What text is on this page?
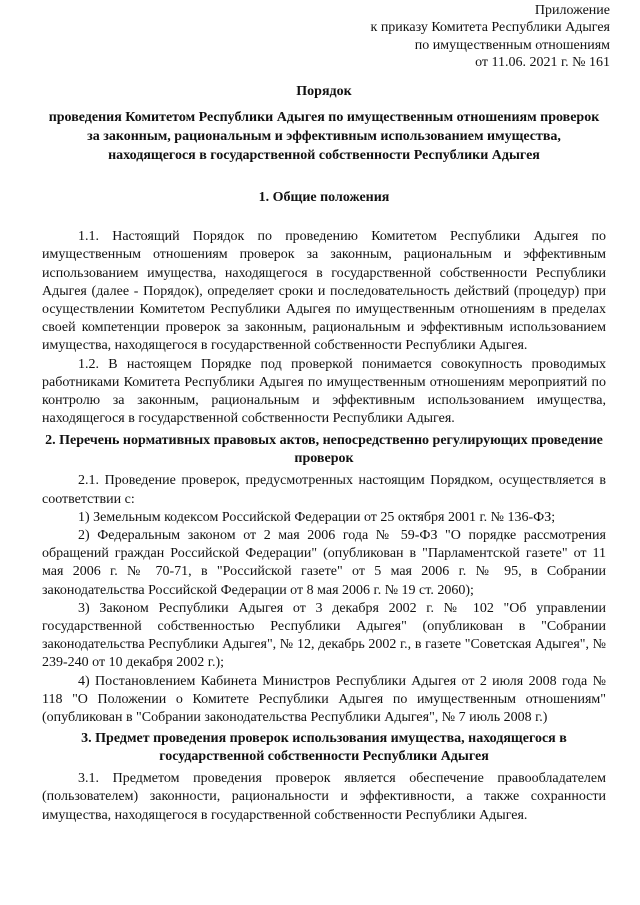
Приложение
к приказу Комитета Республики Адыгея
по имущественным отношениям
от 11.06. 2021 г. № 161
Порядок
проведения Комитетом Республики Адыгея по имущественным отношениям проверок за законным, рациональным и эффективным использованием имущества, находящегося в государственной собственности Республики Адыгея
1. Общие положения

1.1. Настоящий Порядок по проведению Комитетом Республики Адыгея по имущественным отношениям проверок за законным, рациональным и эффективным использованием имущества, находящегося в государственной собственности Республики Адыгея (далее - Порядок), определяет сроки и последовательность действий (процедур) при осуществлении Комитетом Республики Адыгея по имущественным отношениям в пределах своей компетенции проверок за законным, рациональным и эффективным использованием имущества, находящегося в государственной собственности Республики Адыгея.

1.2. В настоящем Порядке под проверкой понимается совокупность проводимых работниками Комитета Республики Адыгея по имущественным отношениям мероприятий по контролю за законным, рациональным и эффективным использованием имущества, находящегося в государственной собственности Республики Адыгея.

2. Перечень нормативных правовых актов, непосредственно регулирующих проведение проверок

2.1. Проведение проверок, предусмотренных настоящим Порядком, осуществляется в соответствии с:

1) Земельным кодексом Российской Федерации от 25 октября 2001 г. № 136-ФЗ;

2) Федеральным законом от 2 мая 2006 года № 59-ФЗ "О порядке рассмотрения обращений граждан Российской Федерации" (опубликован в "Парламентской газете" от 11 мая 2006 г. № 70-71, в "Российской газете" от 5 мая 2006 г. № 95, в Собрании законодательства Российской Федерации от 8 мая 2006 г. № 19 ст. 2060);

3) Законом Республики Адыгея от 3 декабря 2002 г. № 102 "Об управлении государственной собственностью Республики Адыгея" (опубликован в "Собрании законодательства Республики Адыгея", № 12, декабрь 2002 г., в газете "Советская Адыгея", № 239-240 от 10 декабря 2002 г.);

4) Постановлением Кабинета Министров Республики Адыгея от 2 июля 2008 года № 118 "О Положении о Комитете Республики Адыгея по имущественным отношениям" (опубликован в "Собрании законодательства Республики Адыгея", № 7 июль 2008 г.)

3. Предмет проведения проверок использования имущества, находящегося в государственной собственности Республики Адыгея

3.1. Предметом проведения проверок является обеспечение правообладателем (пользователем) законности, рациональности и эффективности, а также сохранности имущества, находящегося в государственной собственности Республики Адыгея.
